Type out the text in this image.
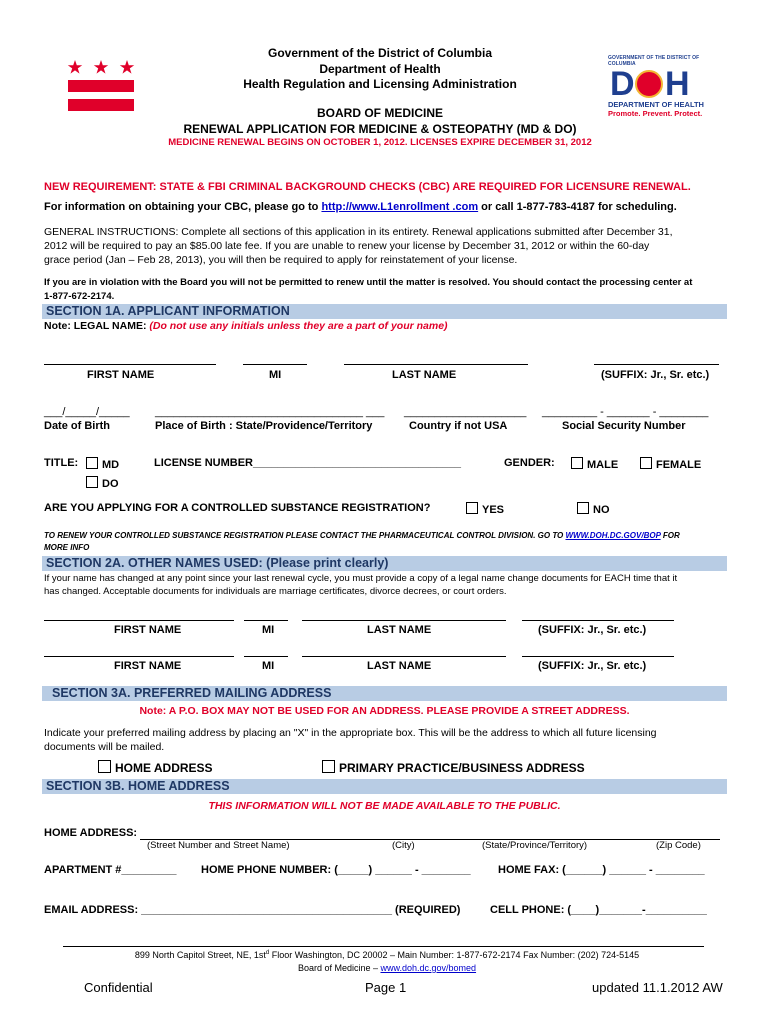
Government of the District of Columbia
Department of Health
Health Regulation and Licensing Administration
BOARD OF MEDICINE
RENEWAL APPLICATION FOR MEDICINE & OSTEOPATHY (MD & DO)
MEDICINE RENEWAL BEGINS ON OCTOBER 1, 2012. LICENSES EXPIRE DECEMBER 31, 2012
GOVERNMENT OF THE DISTRICT OF COLUMBIA
D H
DEPARTMENT OF HEALTH
Promote. Prevent. Protect.
NEW REQUIREMENT: STATE & FBI CRIMINAL BACKGROUND CHECKS (CBC) ARE REQUIRED FOR LICENSURE RENEWAL.
For information on obtaining your CBC, please go to http://www.L1enrollment .com or call 1-877-783-4187 for scheduling.
GENERAL INSTRUCTIONS: Complete all sections of this application in its entirety. Renewal applications submitted after December 31,
2012 will be required to pay an $85.00 late fee. If you are unable to renew your license by December 31, 2012 or within the 60-day
grace period (Jan – Feb 28, 2013), you will then be required to apply for reinstatement of your license.
If you are in violation with the Board you will not be permitted to renew until the matter is resolved. You should contact the processing center at
1-877-672-2174.
SECTION 1A. APPLICANT INFORMATION
Note: LEGAL NAME: (Do not use any initials unless they are a part of your name)
FIRST NAME	MI	LAST NAME	(SUFFIX: Jr., Sr. etc.)
___/_____/_____ __________________________________ ___ ____________________ _________ - _______ - ________
Date of Birth	Place of Birth : State/Providence/Territory	Country if not USA	Social Security Number
TITLE:	MD
DO
LICENSE NUMBER__________________________________	GENDER:	MALE	FEMALE
ARE YOU APPLYING FOR A CONTROLLED SUBSTANCE REGISTRATION?	YES	NO
TO RENEW YOUR CONTROLLED SUBSTANCE REGISTRATION PLEASE CONTACT THE PHARMACEUTICAL CONTROL DIVISION. GO TO WWW.DOH.DC.GOV/BOP FOR
MORE INFO
SECTION 2A. OTHER NAMES USED: (Please print clearly)
If your name has changed at any point since your last renewal cycle, you must provide a copy of a legal name change documents for EACH time that it
has changed. Acceptable documents for individuals are marriage certificates, divorce decrees, or court orders.
FIRST NAME	MI	LAST NAME	(SUFFIX: Jr., Sr. etc.)
FIRST NAME	MI	LAST NAME	(SUFFIX: Jr., Sr. etc.)
SECTION 3A. PREFERRED MAILING ADDRESS
Note: A P.O. BOX MAY NOT BE USED FOR AN ADDRESS. PLEASE PROVIDE A STREET ADDRESS.
Indicate your preferred mailing address by placing an "X" in the appropriate box. This will be the address to which all future licensing
documents will be mailed.
HOME ADDRESS	PRIMARY PRACTICE/BUSINESS ADDRESS
SECTION 3B. HOME ADDRESS
THIS INFORMATION WILL NOT BE MADE AVAILABLE TO THE PUBLIC.
HOME ADDRESS:
(Street Number and Street Name)	(City)	(State/Province/Territory)	(Zip Code)
APARTMENT #_________ HOME PHONE NUMBER: (_____) ______ - ________ HOME FAX: (______) ______ - ________
EMAIL ADDRESS: _________________________________________ (REQUIRED)	CELL PHONE: (____)_______-__________
899 North Capitol Street, NE, $1st^d$ Floor Washington, DC 20002 – Main Number: 1-877-672-2174 Fax Number: (202) 724-5145
Board of Medicine – www.doh.dc.gov/bomed
Confidential	Page 1	updated 11.1.2012 AW
